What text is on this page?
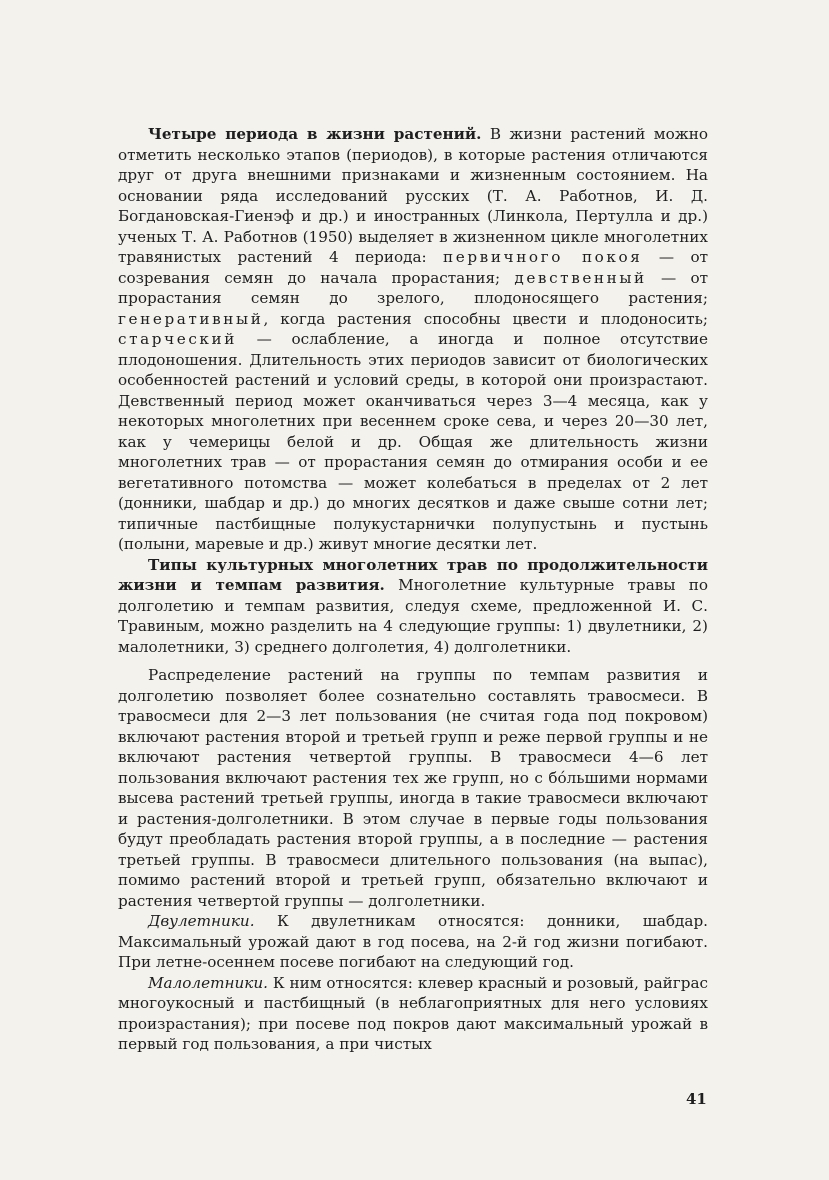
Четыре периода в жизни растений. В жизни растений можно отметить несколько этапов (периодов), в которые растения отличаются друг от друга внешними признаками и жизненным состоянием. На основании ряда исследований русских (Т. А. Работнов, И. Д. Богдановская-Гиенэф и др.) и иностранных (Линкола, Пертулла и др.) ученых Т. А. Работнов (1950) выделяет в жизненном цикле многолетних травянистых растений 4 периода: первичного покоя — от созревания семян до начала прорастания; девственный — от прорастания семян до зрелого, плодоносящего растения; генеративный, когда растения способны цвести и плодоносить; старческий — ослабление, а иногда и полное отсутствие плодоношения. Длительность этих периодов зависит от биологических особенностей растений и условий среды, в которой они произрастают. Девственный период может оканчиваться через 3—4 месяца, как у некоторых многолетних при весеннем сроке сева, и через 20—30 лет, как у чемерицы белой и др. Общая же длительность жизни многолетних трав — от прорастания семян до отмирания особи и ее вегетативного потомства — может колебаться в пределах от 2 лет (донники, шабдар и др.) до многих десятков и даже свыше сотни лет; типичные пастбищные полукустарнички полупустынь и пустынь (полыни, маревые и др.) живут многие десятки лет.

Типы культурных многолетних трав по продолжительности жизни и темпам развития. Многолетние культурные травы по долголетию и темпам развития, следуя схеме, предложенной И. С. Травиным, можно разделить на 4 следующие группы: 1) двулетники, 2) малолетники, 3) среднего долголетия, 4) долголетники.

Распределение растений на группы по темпам развития и долголетию позволяет более сознательно составлять травосмеси. В травосмеси для 2—3 лет пользования (не считая года под покровом) включают растения второй и третьей групп и реже первой группы и не включают растения четвертой группы. В травосмеси 4—6 лет пользования включают растения тех же групп, но с бо́льшими нормами высева растений третьей группы, иногда в такие травосмеси включают и растения-долголетники. В этом случае в первые годы пользования будут преобладать растения второй группы, а в последние — растения третьей группы. В травосмеси длительного пользования (на выпас), помимо растений второй и третьей групп, обязательно включают и растения четвертой группы — долголетники.

Двулетники. К двулетникам относятся: донники, шабдар. Максимальный урожай дают в год посева, на 2-й год жизни погибают. При летне-осеннем посеве погибают на следующий год.

Малолетники. К ним относятся: клевер красный и розовый, райграс многоукосный и пастбищный (в неблагоприятных для него условиях произрастания); при посеве под покров дают максимальный урожай в первый год пользования, а при чистых

41
